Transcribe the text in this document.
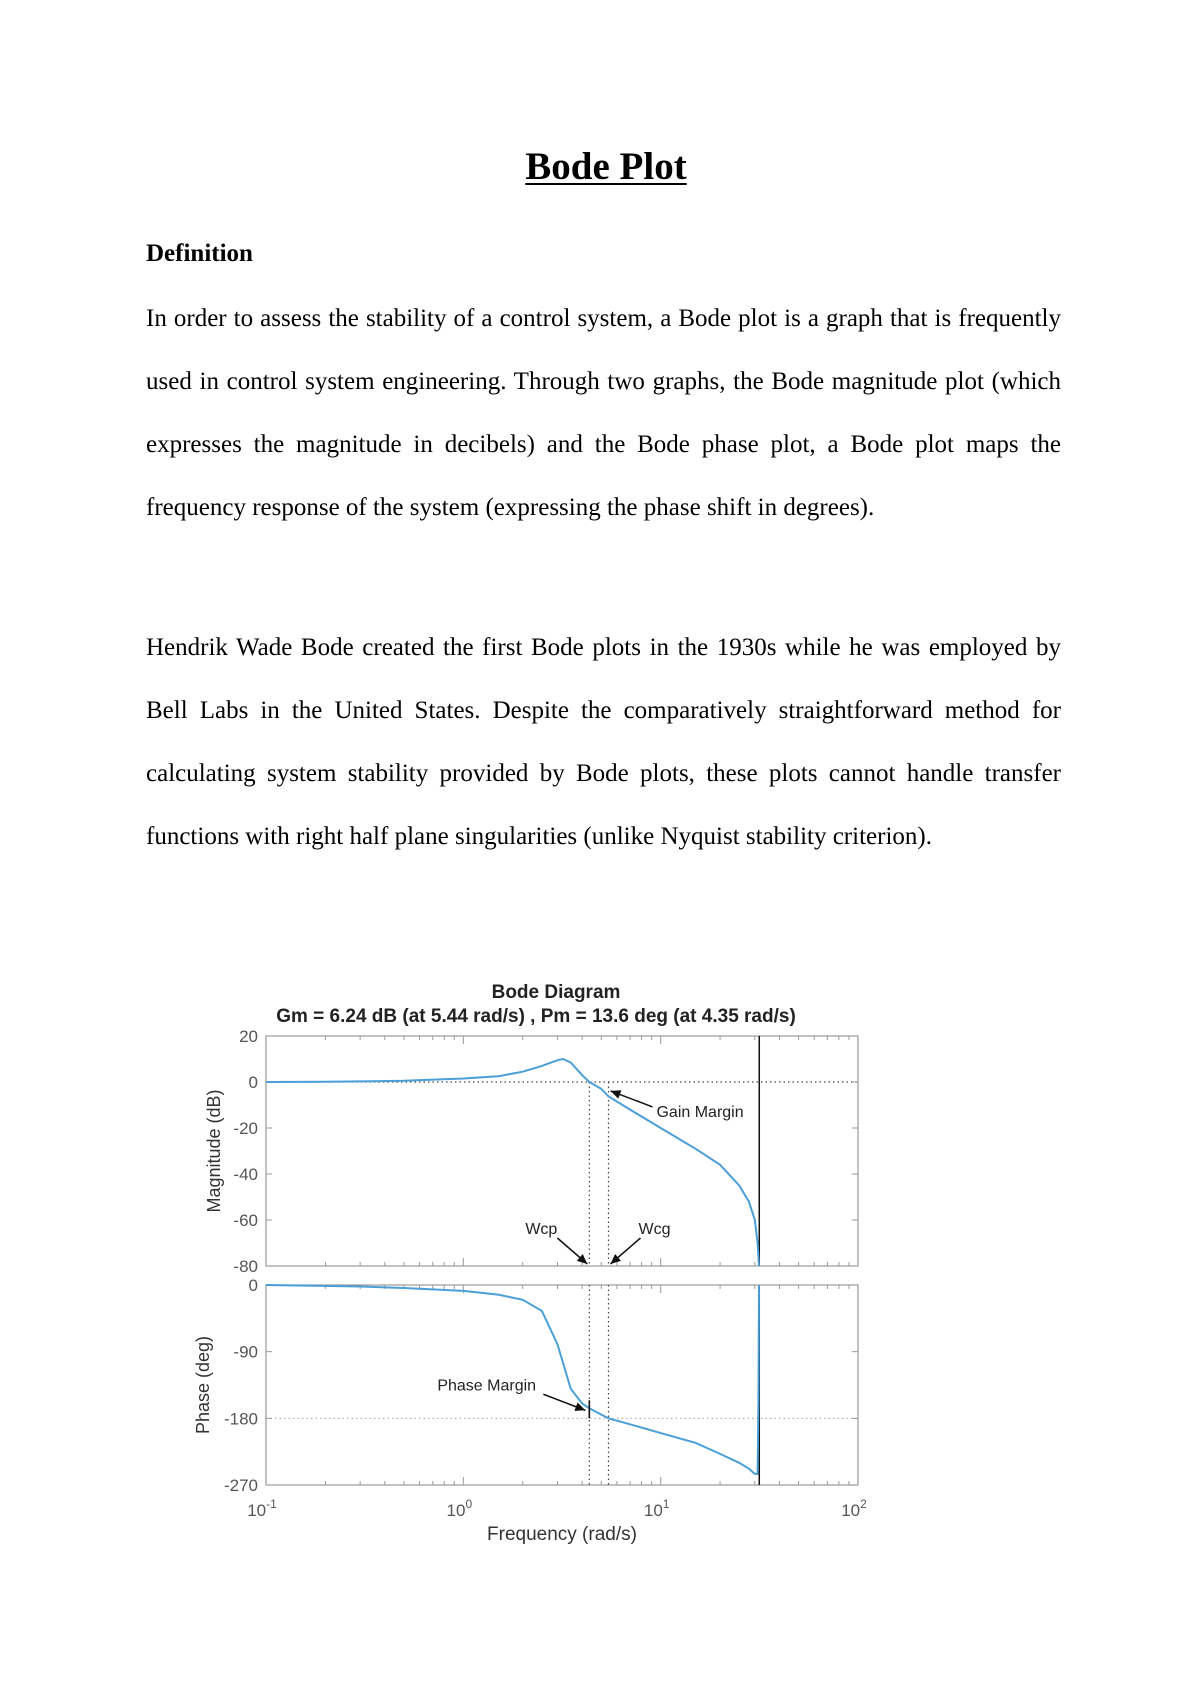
Bode Plot
Definition

In order to assess the stability of a control system, a Bode plot is a graph that is frequently used in control system engineering. Through two graphs, the Bode magnitude plot (which expresses the magnitude in decibels) and the Bode phase plot, a Bode plot maps the frequency response of the system (expressing the phase shift in degrees).

Hendrik Wade Bode created the first Bode plots in the 1930s while he was employed by Bell Labs in the United States. Despite the comparatively straightforward method for calculating system stability provided by Bode plots, these plots cannot handle transfer functions with right half plane singularities (unlike Nyquist stability criterion).

Bode Diagram
Gm = 6.24 dB (at 5.44 rad/s) , Pm = 13.6 deg (at 4.35 rad/s)
20
0
-20
-40
-60
-80
Magnitude (dB)
0
-90
-180
-270
Phase (deg)
$10^{-1}$	$10^0$	$10^1$	$10^2$
Frequency (rad/s)
Gain Margin
Wcp	Wcg
Phase Margin
